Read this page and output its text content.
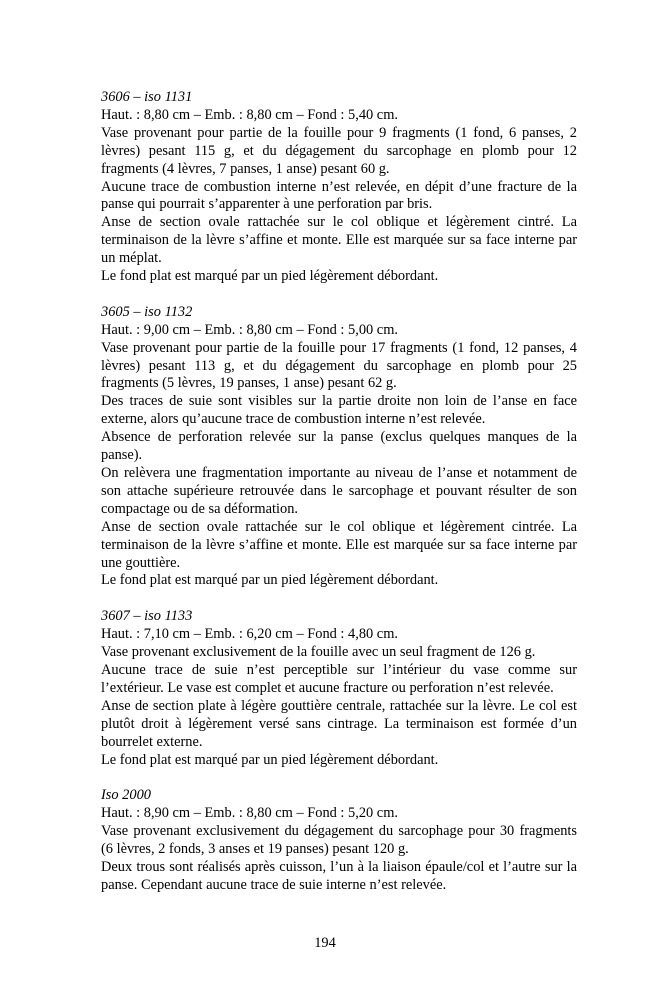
3606 – iso 1131

Haut. : 8,80 cm – Emb. : 8,80 cm – Fond : 5,40 cm.

Vase provenant pour partie de la fouille pour 9 fragments (1 fond, 6 panses, 2 lèvres) pesant 115 g, et du dégagement du sarcophage en plomb pour 12 fragments (4 lèvres, 7 panses, 1 anse) pesant 60 g.

Aucune trace de combustion interne n’est relevée, en dépit d’une fracture de la panse qui pourrait s’apparenter à une perforation par bris.

Anse de section ovale rattachée sur le col oblique et légèrement cintré. La terminaison de la lèvre s’affine et monte. Elle est marquée sur sa face interne par un méplat.

Le fond plat est marqué par un pied légèrement débordant.

3605 – iso 1132

Haut. : 9,00 cm – Emb. : 8,80 cm – Fond : 5,00 cm.

Vase provenant pour partie de la fouille pour 17 fragments (1 fond, 12 panses, 4 lèvres) pesant 113 g, et du dégagement du sarcophage en plomb pour 25 fragments (5 lèvres, 19 panses, 1 anse) pesant 62 g.

Des traces de suie sont visibles sur la partie droite non loin de l’anse en face externe, alors qu’aucune trace de combustion interne n’est relevée.

Absence de perforation relevée sur la panse (exclus quelques manques de la panse).

On relèvera une fragmentation importante au niveau de l’anse et notamment de son attache supérieure retrouvée dans le sarcophage et pouvant résulter de son compactage ou de sa déformation.

Anse de section ovale rattachée sur le col oblique et légèrement cintrée. La terminaison de la lèvre s’affine et monte. Elle est marquée sur sa face interne par une gouttière.

Le fond plat est marqué par un pied légèrement débordant.

3607 – iso 1133

Haut. : 7,10 cm – Emb. : 6,20 cm – Fond : 4,80 cm.

Vase provenant exclusivement de la fouille avec un seul fragment de 126 g.

Aucune trace de suie n’est perceptible sur l’intérieur du vase comme sur l’extérieur. Le vase est complet et aucune fracture ou perforation n’est relevée.

Anse de section plate à légère gouttière centrale, rattachée sur la lèvre. Le col est plutôt droit à légèrement versé sans cintrage. La terminaison est formée d’un bourrelet externe.

Le fond plat est marqué par un pied légèrement débordant.

Iso 2000

Haut. : 8,90 cm – Emb. : 8,80 cm – Fond : 5,20 cm.

Vase provenant exclusivement du dégagement du sarcophage pour 30 fragments (6 lèvres, 2 fonds, 3 anses et 19 panses) pesant 120 g.

Deux trous sont réalisés après cuisson, l’un à la liaison épaule/col et l’autre sur la panse. Cependant aucune trace de suie interne n’est relevée.

194
